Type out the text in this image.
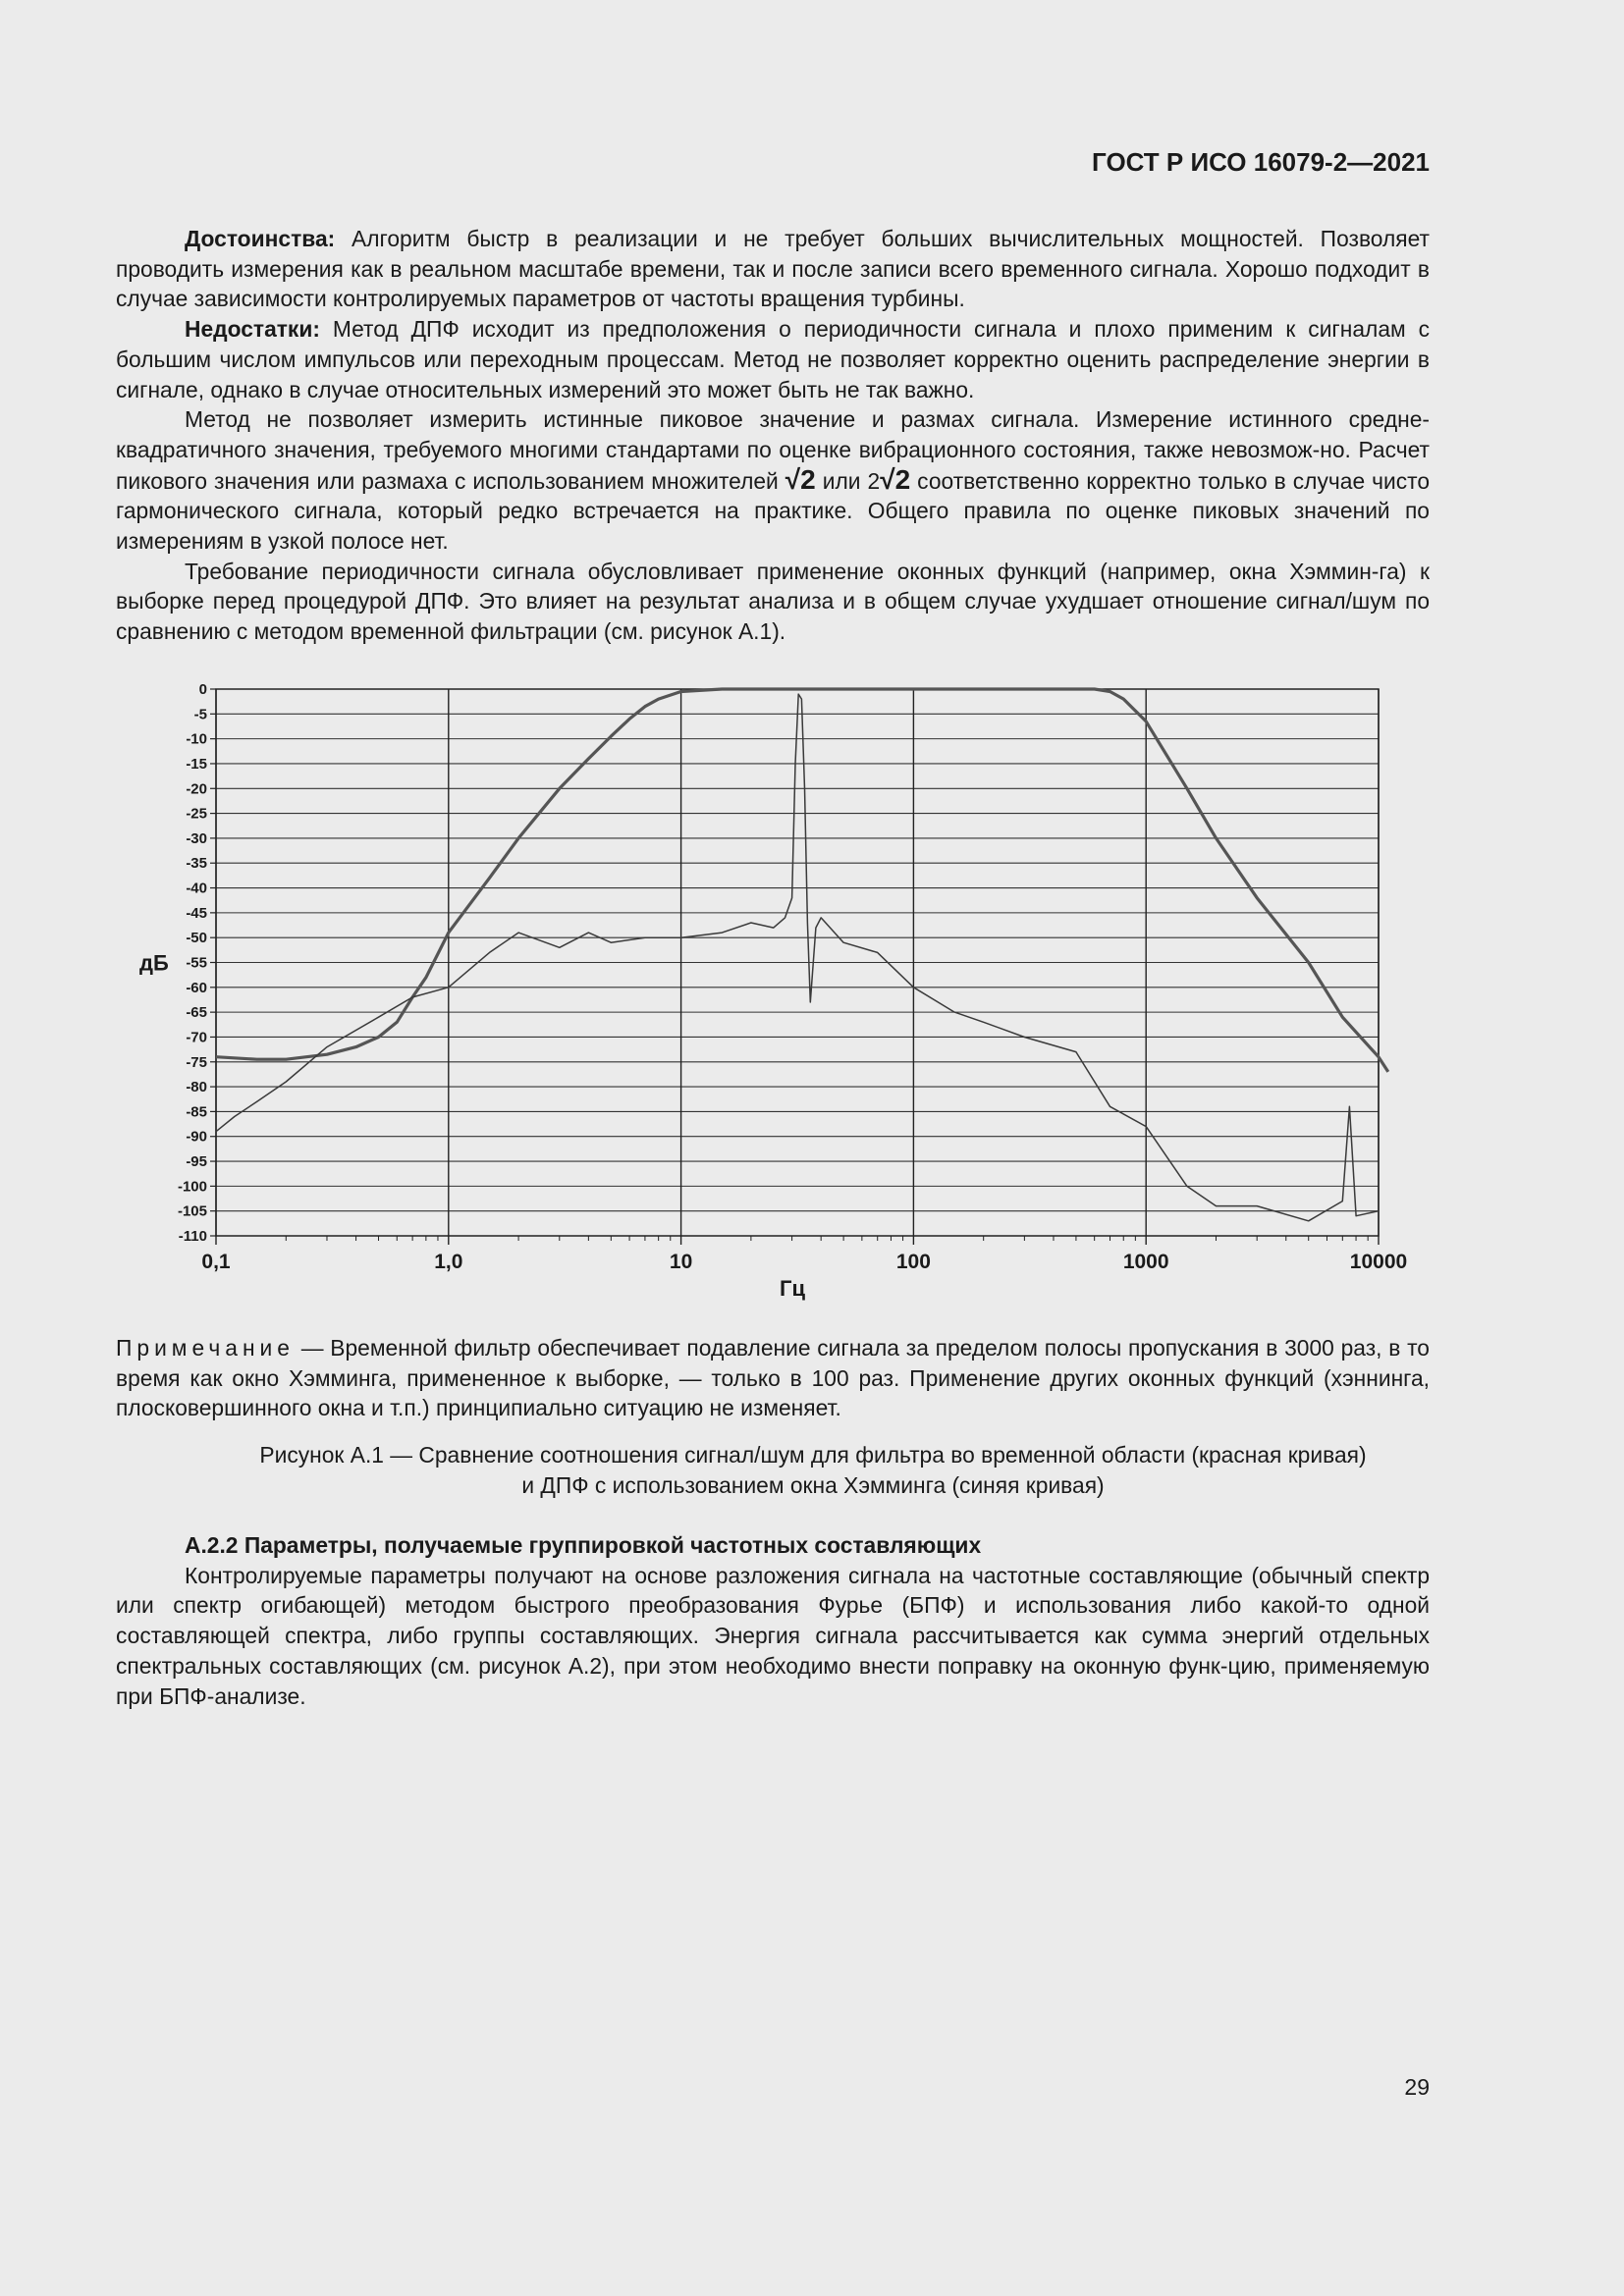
ГОСТ Р ИСО 16079-2—2021

Достоинства: Алгоритм быстр в реализации и не требует больших вычислительных мощностей. Позволяет проводить измерения как в реальном масштабе времени, так и после записи всего временного сигнала. Хорошо подходит в случае зависимости контролируемых параметров от частоты вращения турбины.

Недостатки: Метод ДПФ исходит из предположения о периодичности сигнала и плохо применим к сигналам с большим числом импульсов или переходным процессам. Метод не позволяет корректно оценить распределение энергии в сигнале, однако в случае относительных измерений это может быть не так важно.

Метод не позволяет измерить истинные пиковое значение и размах сигнала. Измерение истинного средне-квадратичного значения, требуемого многими стандартами по оценке вибрационного состояния, также невозмож-но. Расчет пикового значения или размаха с использованием множителей √2 или 2√2 соответственно корректно только в случае чисто гармонического сигнала, который редко встречается на практике. Общего правила по оценке пиковых значений по измерениям в узкой полосе нет.

Требование периодичности сигнала обусловливает применение оконных функций (например, окна Хэммин-га) к выборке перед процедурой ДПФ. Это влияет на результат анализа и в общем случае ухудшает отношение сигнал/шум по сравнению с методом временной фильтрации (см. рисунок А.1).

0
-5
-10
-15
-20
-25
-30
-35
-40
-45
-50
-55
-60
-65
-70
-75
-80
-85
-90
-95
-100
-105
-110
0,1	1,0	10	100	1000	10000
дБ
Гц
Примечание — Временной фильтр обеспечивает подавление сигнала за пределом полосы пропускания в 3000 раз, в то время как окно Хэмминга, примененное к выборке, — только в 100 раз. Применение других оконных функций (хэннинга, плосковершинного окна и т.п.) принципиально ситуацию не изменяет.
Рисунок А.1 — Сравнение соотношения сигнал/шум для фильтра во временной области (красная кривая)
и ДПФ с использованием окна Хэмминга (синяя кривая)

А.2.2 Параметры, получаемые группировкой частотных составляющих

Контролируемые параметры получают на основе разложения сигнала на частотные составляющие (обычный спектр или спектр огибающей) методом быстрого преобразования Фурье (БПФ) и использования либо какой-то одной составляющей спектра, либо группы составляющих. Энергия сигнала рассчитывается как сумма энергий отдельных спектральных составляющих (см. рисунок А.2), при этом необходимо внести поправку на оконную функ-цию, применяемую при БПФ-анализе.

29
